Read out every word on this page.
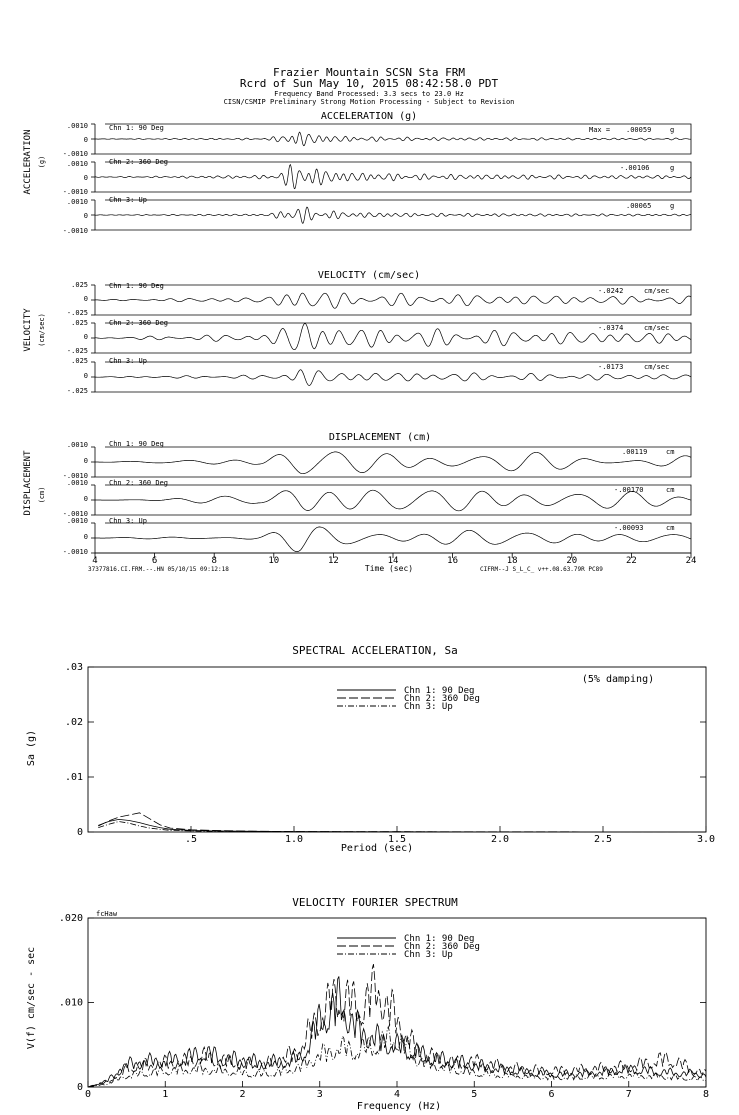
Frazier Mountain SCSN Sta FRM
Rcrd of Sun May 10, 2015 08:42:58.0 PDT
Frequency Band Processed: 3.3 secs to 23.0 Hz
CISN/CSMIP Preliminary Strong Motion Processing - Subject to Revision
ACCELERATION (g)
ACCELERATION (g)
Max =
Chn 1: 90 Deg	.00059	g
.0010
0
-.0010
Chn 2: 360 Deg
-.00106	g
.0010
0
-.0010
Chn 3: Up
.00065	g
.0010
0
-.0010
VELOCITY (cm/sec)
VELOCITY (cm/sec)
Chn 1: 90 Deg
-.0242	cm/sec
.025
0
-.025
Chn 2: 360 Deg
-.0374	cm/sec
.025
0
-.025
Chn 3: Up
-.0173	cm/sec
.025
0
-.025
DISPLACEMENT (cm)
DISPLACEMENT (cm)
Chn 1: 90 Deg
.00119	cm
.0010
0
-.0010
Chn 2: 360 Deg
-.00170	cm
.0010
0
-.0010
Chn 3: Up
-.00093	cm
.0010
0
-.0010
Time (sec)
37377816.CI.FRM.--.HN 05/10/15 09:12:18	CIFRM--J S_L_C_ v++.08.63.79R PC89
4	6	8	10	12	14	16	18	20	22	24
SPECTRAL ACCELERATION, Sa
(5% damping)
Period (sec)
Sa (g)
Chn 1: 90 Deg
Chn 2: 360 Deg
Chn 3: Up
.5	1.0	1.5	2.0	2.5	3.0
0
.01
.02
.03
VELOCITY FOURIER SPECTRUM
fcHaw
Frequency (Hz)
V(f) cm/sec - sec
Chn 1: 90 Deg
Chn 2: 360 Deg
Chn 3: Up
0	1	2	3	4	5	6	7	8
0
.010
.020
